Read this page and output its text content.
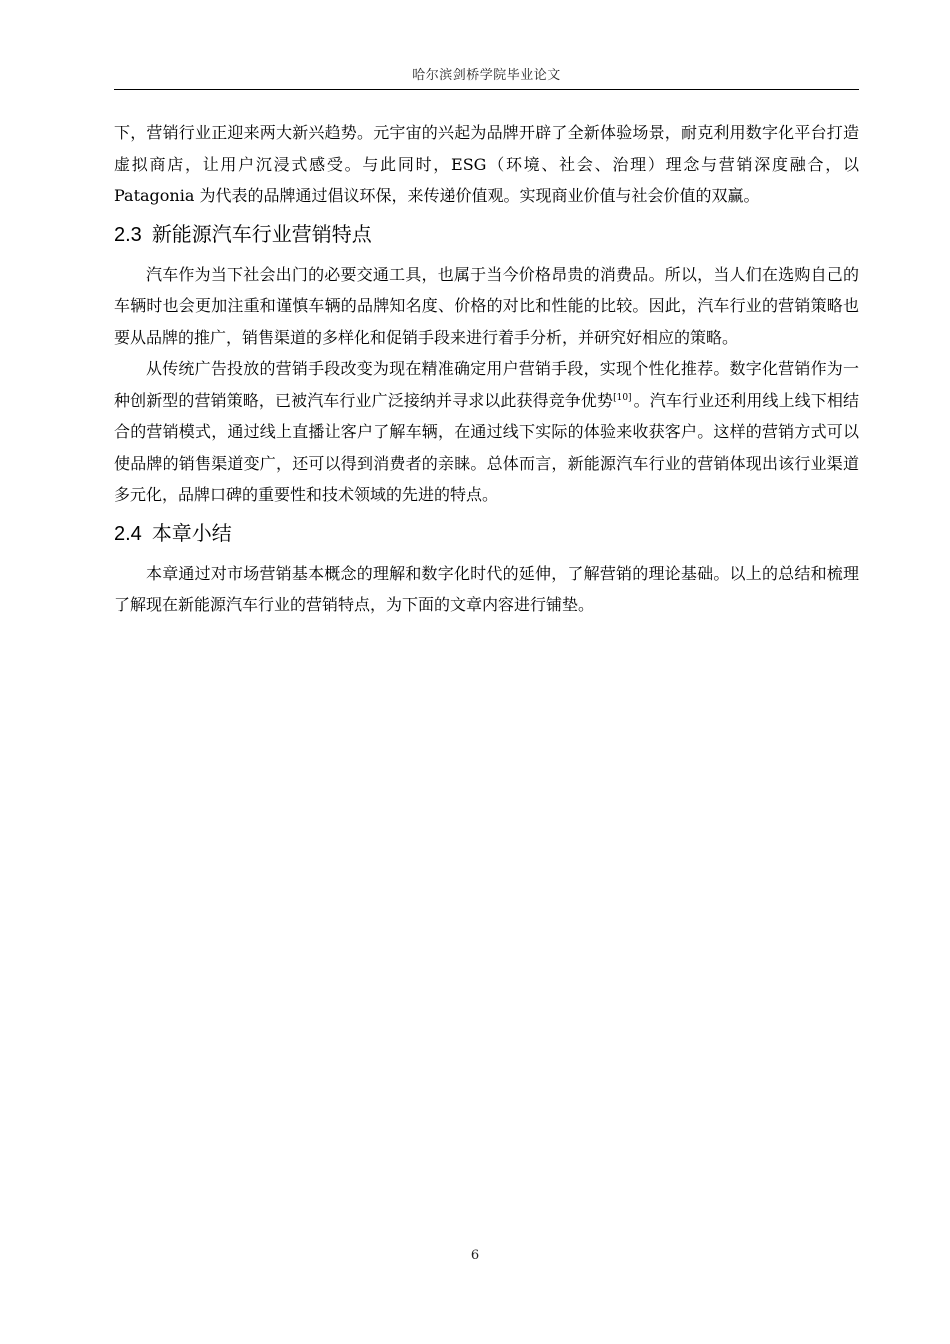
哈尔滨剑桥学院毕业论文

下，营销行业正迎来两大新兴趋势。元宇宙的兴起为品牌开辟了全新体验场景，耐克利用数字化平台打造虚拟商店，让用户沉浸式感受。与此同时，ESG（环境、社会、治理）理念与营销深度融合，以 Patagonia 为代表的品牌通过倡议环保，来传递价值观。实现商业价值与社会价值的双赢。

2.3 新能源汽车行业营销特点

汽车作为当下社会出门的必要交通工具，也属于当今价格昂贵的消费品。所以，当人们在选购自己的车辆时也会更加注重和谨慎车辆的品牌知名度、价格的对比和性能的比较。因此，汽车行业的营销策略也要从品牌的推广，销售渠道的多样化和促销手段来进行着手分析，并研究好相应的策略。

从传统广告投放的营销手段改变为现在精准确定用户营销手段，实现个性化推荐。数字化营销作为一种创新型的营销策略，已被汽车行业广泛接纳并寻求以此获得竞争优势[10] 。汽车行业还利用线上线下相结合的营销模式，通过线上直播让客户了解车辆，在通过线下实际的体验来收获客户。这样的营销方式可以使品牌的销售渠道变广，还可以得到消费者的亲睐。总体而言，新能源汽车行业的营销体现出该行业渠道多元化，品牌口碑的重要性和技术领域的先进的特点。

2.4 本章小结

本章通过对市场营销基本概念的理解和数字化时代的延伸，了解营销的理论基础。以上的总结和梳理了解现在新能源汽车行业的营销特点，为下面的文章内容进行铺垫。

6
